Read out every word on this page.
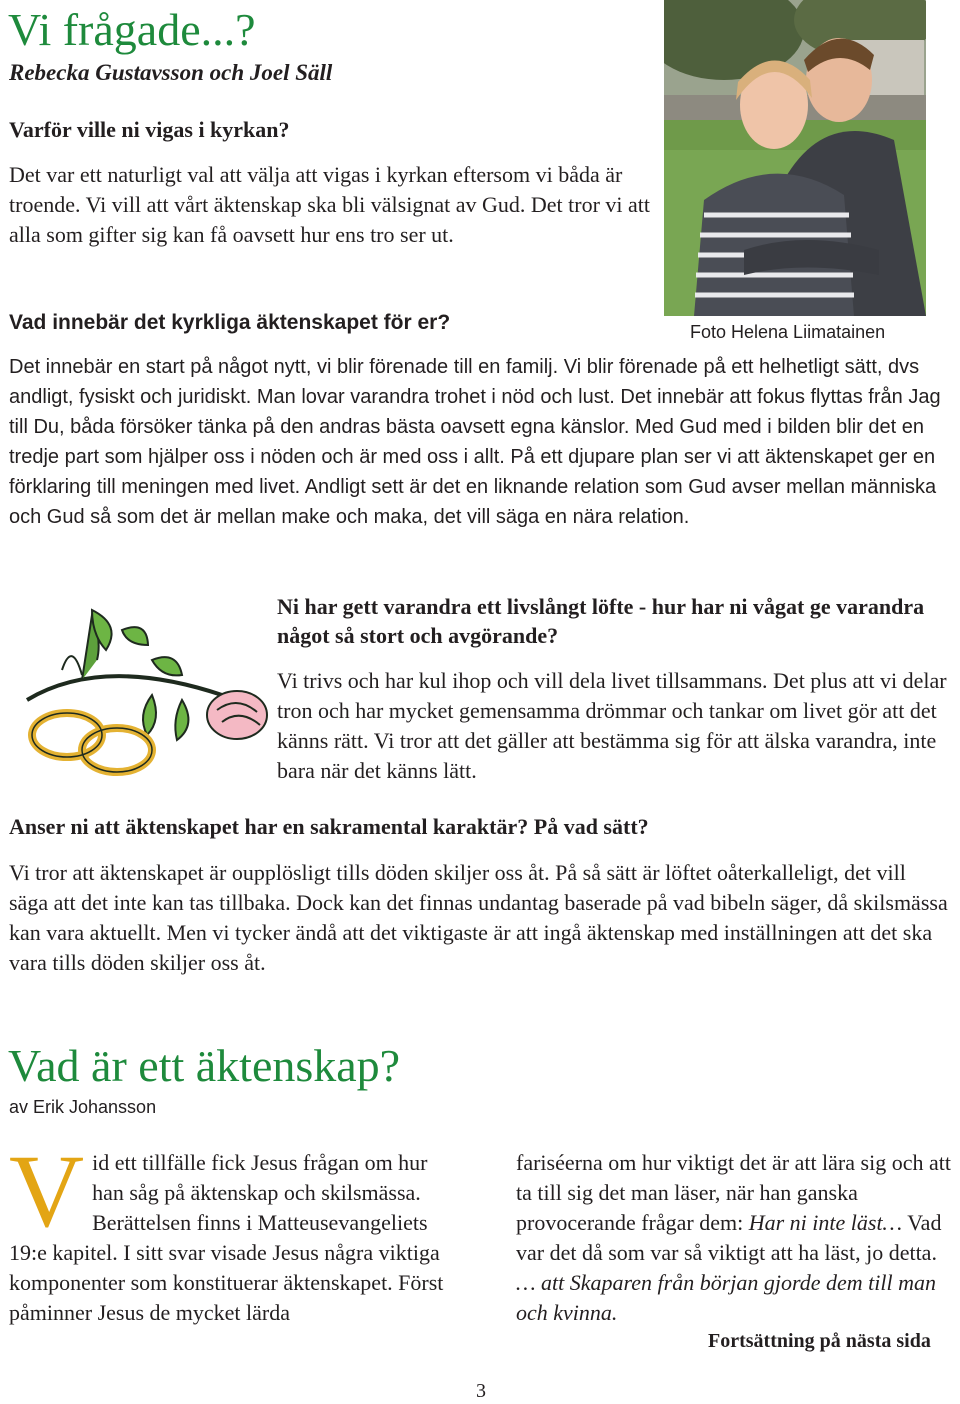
Vi frågade...?
Rebecka Gustavsson och Joel Säll
Varför ville ni vigas i kyrkan?
Det var ett naturligt val att välja att vigas i kyrkan eftersom vi båda är troende. Vi vill att vårt äktenskap ska bli välsignat av Gud. Det tror vi att alla som gifter sig kan få oavsett hur ens tro ser ut.
Vad innebär det kyrkliga äktenskapet för er?	Foto Helena Liimatainen
Det innebär en start på något nytt, vi blir förenade till en familj. Vi blir förenade på ett helhetligt sätt, dvs andligt, fysiskt och juridiskt. Man lovar varandra trohet i nöd och lust. Det innebär att fokus flyttas från Jag till Du, båda försöker tänka på den andras bästa oavsett egna känslor. Med Gud med i bilden blir det en tredje part som hjälper oss i nöden och är med oss i allt. På ett djupare plan ser vi att äktenskapet ger en förklaring till meningen med livet. Andligt sett är det en liknande relation som Gud avser mellan människa och Gud så som det är mellan make och maka, det vill säga en nära relation.
Ni har gett varandra ett livslångt löfte - hur har ni vågat ge varandra något så stort och avgörande?
Vi trivs och har kul ihop och vill dela livet tillsammans. Det plus att vi delar tron och har mycket gemensamma drömmar och tankar om livet gör att det känns rätt. Vi tror att det gäller att bestämma sig för att älska varandra, inte bara när det känns lätt.
Anser ni att äktenskapet har en sakramental karaktär? På vad sätt?
Vi tror att äktenskapet är oupplösligt tills döden skiljer oss åt. På så sätt är löftet oåterkalleligt, det vill säga att det inte kan tas tillbaka. Dock kan det finnas undantag baserade på vad bibeln säger, då skilsmässa kan vara aktuellt. Men vi tycker ändå att det viktigaste är att ingå äktenskap med inställningen att det ska vara tills döden skiljer oss åt.
Vad är ett äktenskap?
av Erik Johansson
Vid ett tillfälle fick Jesus frågan om hur han såg på äktenskap och skilsmässa. Berättelsen finns i Matteusevangeliets 19:e kapitel. I sitt svar visade Jesus några viktiga komponenter som konstituerar äktenskapet. Först påminner Jesus de mycket lärda
fariséerna om hur viktigt det är att lära sig och att ta till sig det man läser, när han ganska provocerande frågar dem: Har ni inte läst… Vad var det då som var så viktigt att ha läst, jo detta. … att Skaparen från början gjorde dem till man och kvinna.
Fortsättning på nästa sida
3
